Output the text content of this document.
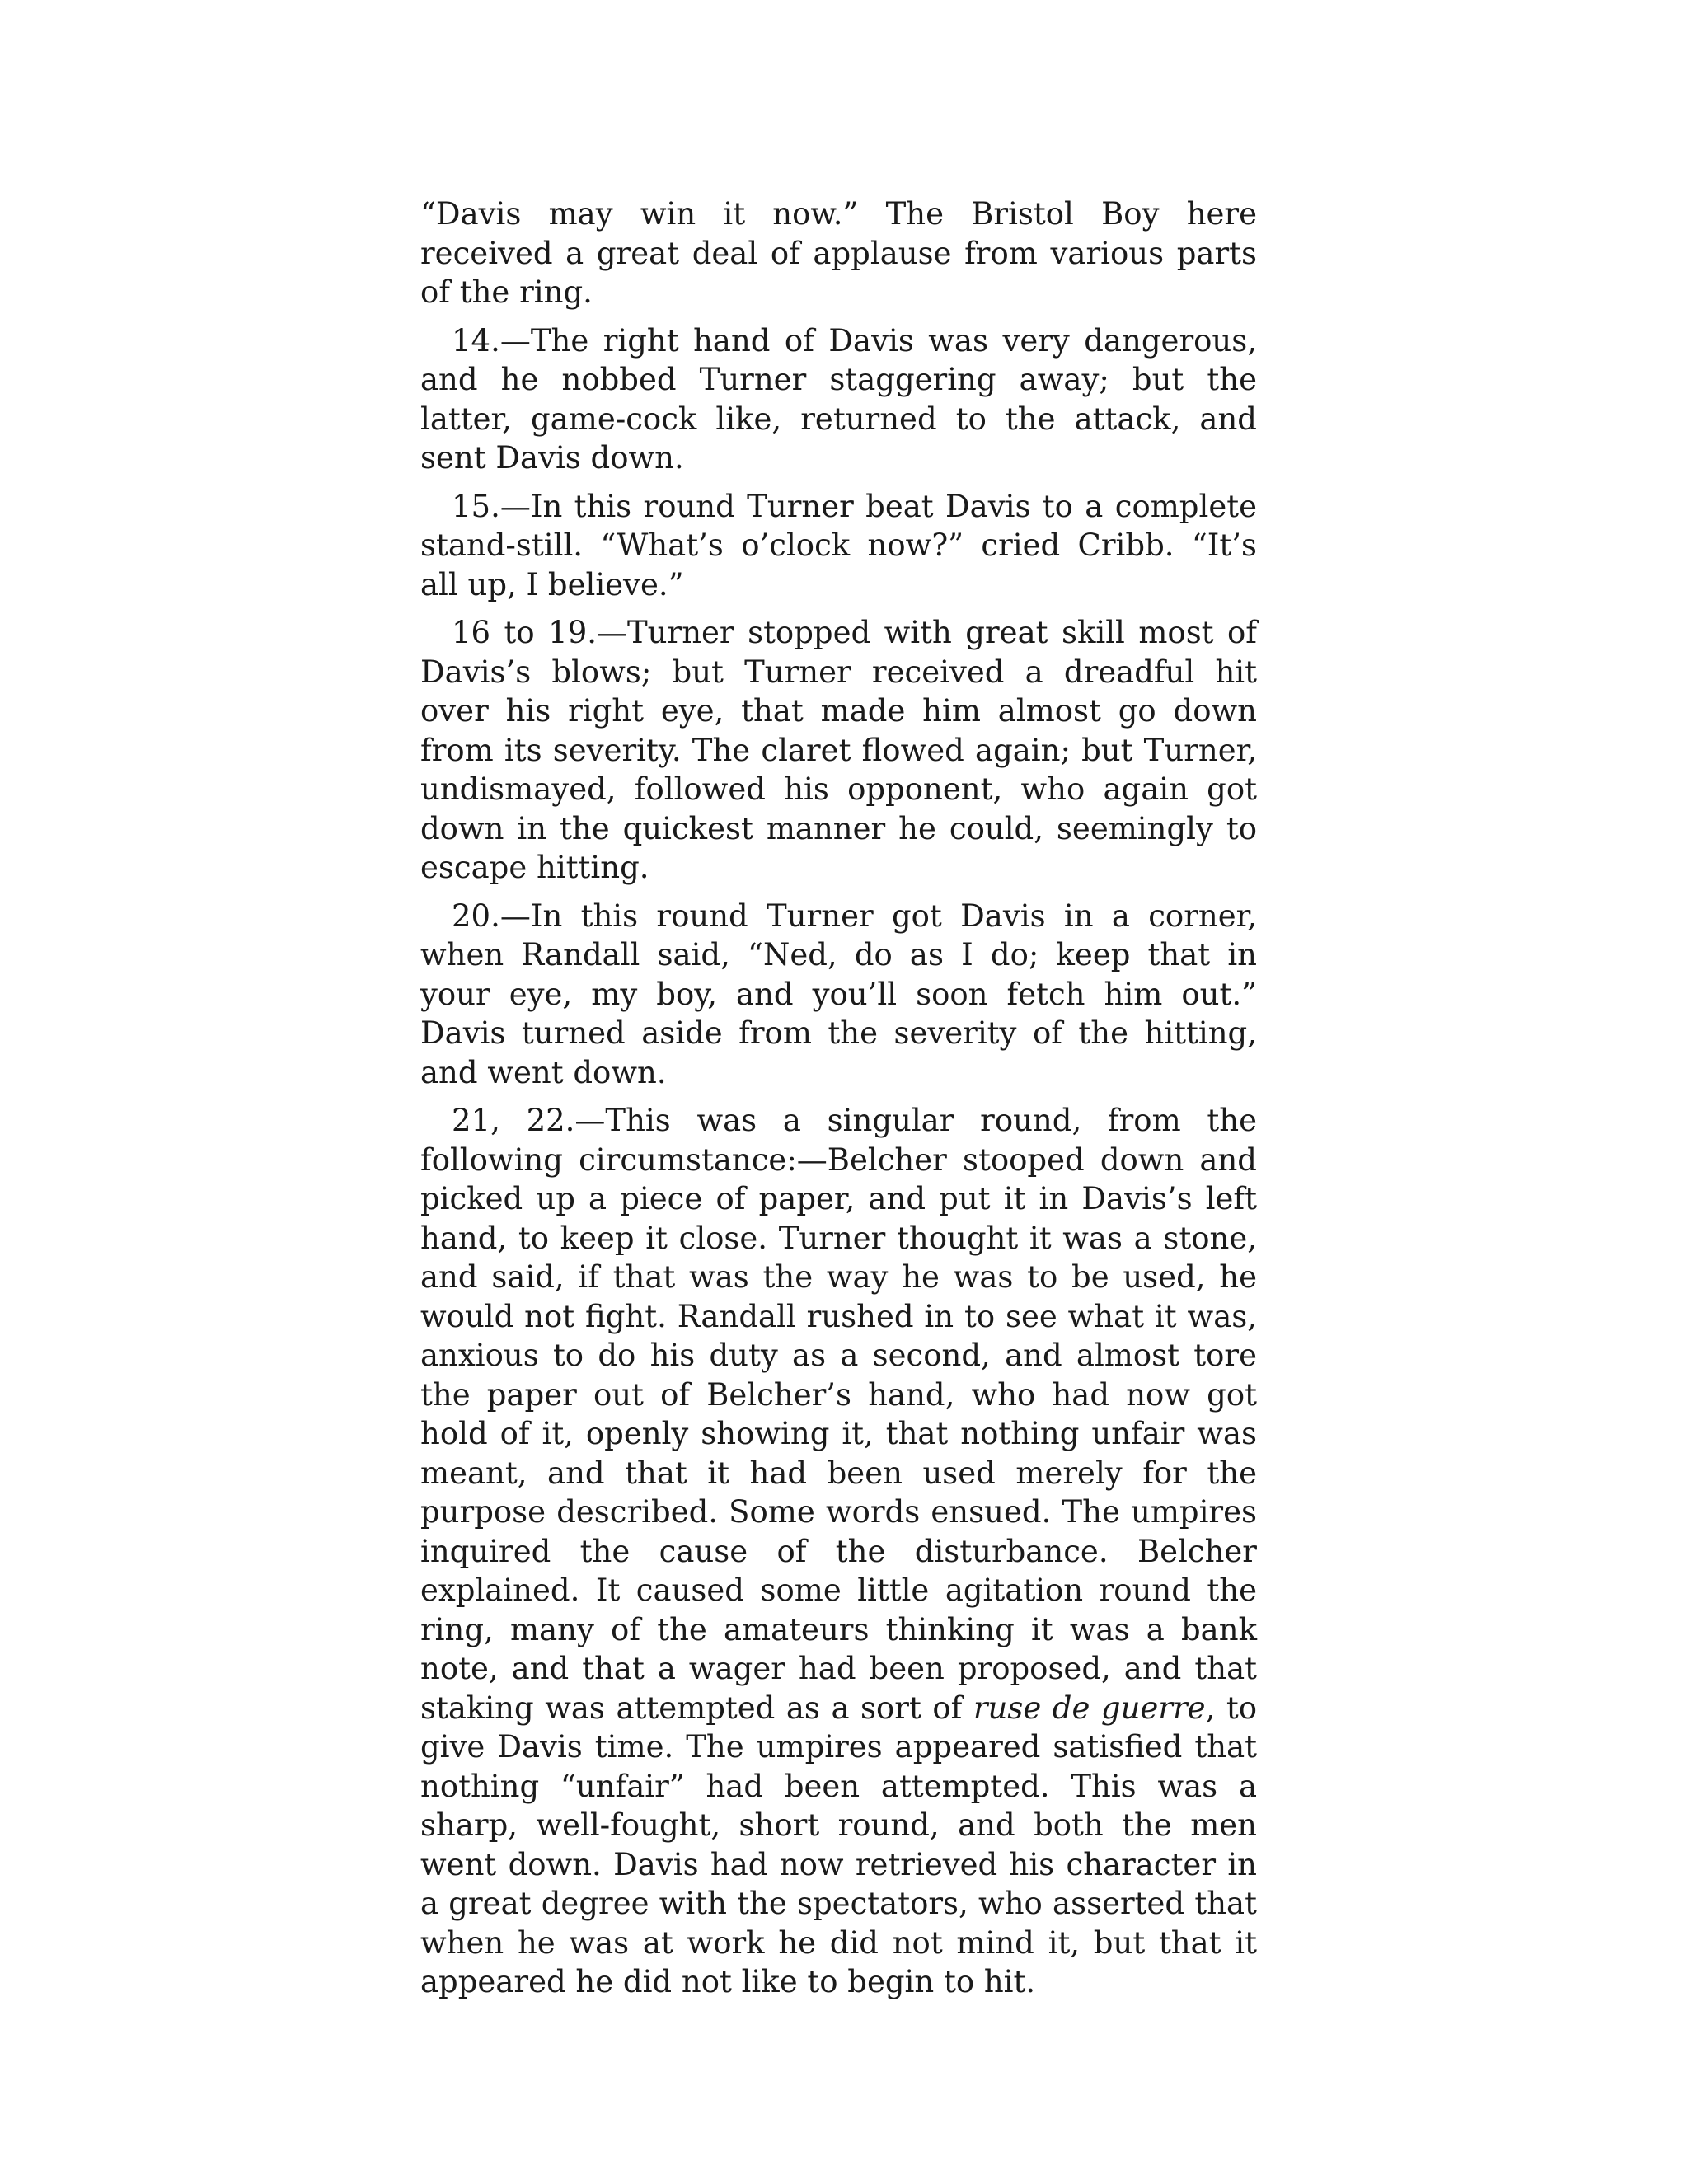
“Davis may win it now.” The Bristol Boy here received a great deal of applause from various parts of the ring.

14.—The right hand of Davis was very dangerous, and he nobbed Turner staggering away; but the latter, game-cock like, returned to the attack, and sent Davis down.

15.—In this round Turner beat Davis to a complete stand-still. “What’s o’clock now?” cried Cribb. “It’s all up, I believe.”

16 to 19.—Turner stopped with great skill most of Davis’s blows; but Turner received a dreadful hit over his right eye, that made him almost go down from its severity. The claret flowed again; but Turner, undismayed, followed his opponent, who again got down in the quickest manner he could, seemingly to escape hitting.

20.—In this round Turner got Davis in a corner, when Randall said, “Ned, do as I do; keep that in your eye, my boy, and you’ll soon fetch him out.” Davis turned aside from the severity of the hitting, and went down.

21, 22.—This was a singular round, from the following circumstance:—Belcher stooped down and picked up a piece of paper, and put it in Davis’s left hand, to keep it close. Turner thought it was a stone, and said, if that was the way he was to be used, he would not fight. Randall rushed in to see what it was, anxious to do his duty as a second, and almost tore the paper out of Belcher’s hand, who had now got hold of it, openly showing it, that nothing unfair was meant, and that it had been used merely for the purpose described. Some words ensued. The umpires inquired the cause of the disturbance. Belcher explained. It caused some little agitation round the ring, many of the amateurs thinking it was a bank note, and that a wager had been proposed, and that staking was attempted as a sort of ruse de guerre, to give Davis time. The umpires appeared satisfied that nothing “unfair” had been attempted. This was a sharp, well-fought, short round, and both the men went down. Davis had now retrieved his character in a great degree with the spectators, who asserted that when he was at work he did not mind it, but that it appeared he did not like to begin to hit.
